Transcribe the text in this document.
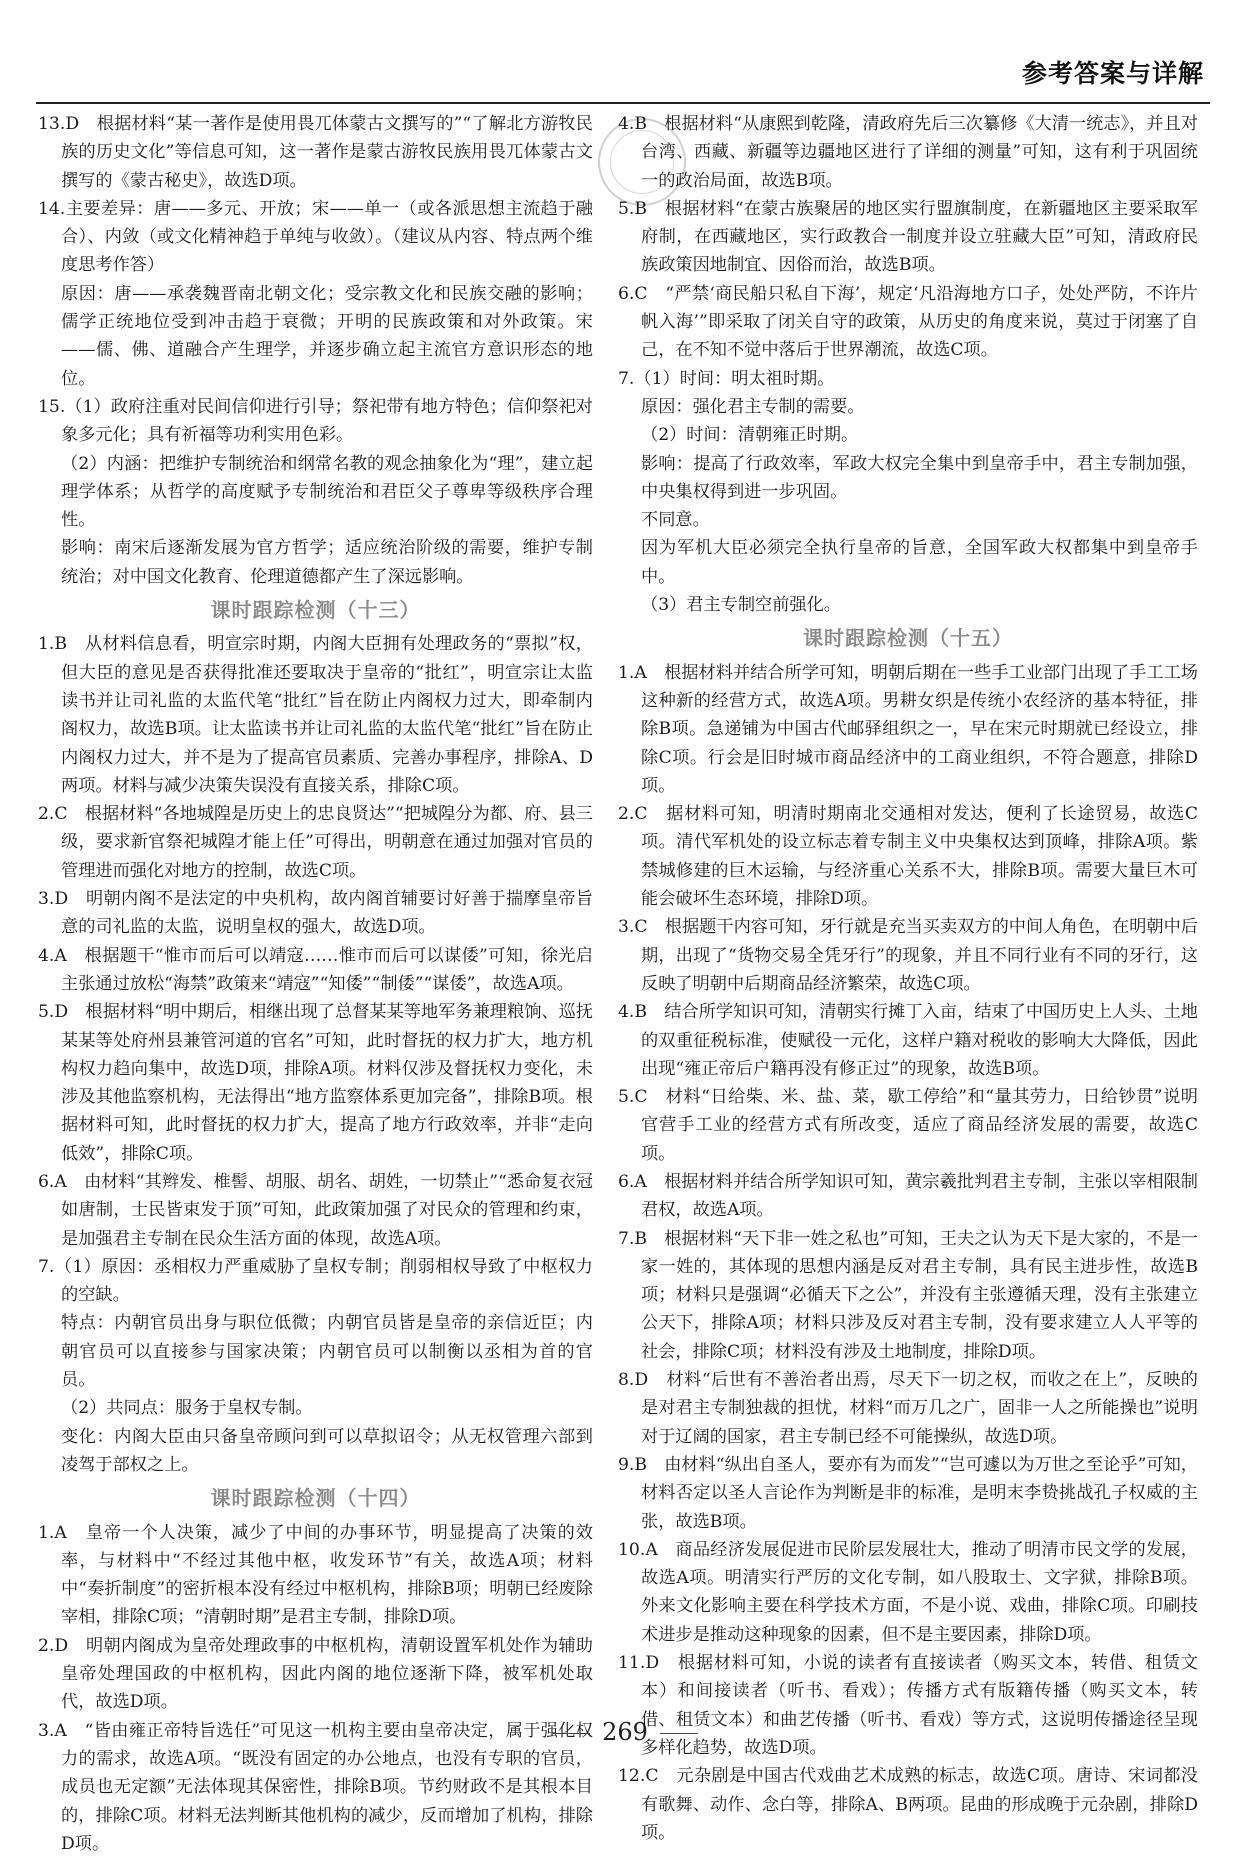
参考答案与详解
13.D　根据材料“某一著作是使用畏兀体蒙古文撰写的”“了解北方游牧民族的历史文化”等信息可知，这一著作是蒙古游牧民族用畏兀体蒙古文撰写的《蒙古秘史》，故选D项。
14.主要差异：唐——多元、开放；宋——单一（或各派思想主流趋于融合）、内敛（或文化精神趋于单纯与收敛）。（建议从内容、特点两个维度思考作答）
原因：唐——承袭魏晋南北朝文化；受宗教文化和民族交融的影响；儒学正统地位受到冲击趋于衰微；开明的民族政策和对外政策。宋——儒、佛、道融合产生理学，并逐步确立起主流官方意识形态的地位。
15.（1）政府注重对民间信仰进行引导；祭祀带有地方特色；信仰祭祀对象多元化；具有祈福等功利实用色彩。
（2）内涵：把维护专制统治和纲常名教的观念抽象化为“理”，建立起理学体系；从哲学的高度赋予专制统治和君臣父子尊卑等级秩序合理性。
影响：南宋后逐渐发展为官方哲学；适应统治阶级的需要，维护专制统治；对中国文化教育、伦理道德都产生了深远影响。
课时跟踪检测（十三）
1.B　从材料信息看，明宣宗时期，内阁大臣拥有处理政务的“票拟”权，但大臣的意见是否获得批准还要取决于皇帝的“批红”，明宣宗让太监读书并让司礼监的太监代笔“批红”旨在防止内阁权力过大，即牵制内阁权力，故选B项。让太监读书并让司礼监的太监代笔“批红”旨在防止内阁权力过大，并不是为了提高官员素质、完善办事程序，排除A、D两项。材料与减少决策失误没有直接关系，排除C项。
2.C　根据材料“各地城隍是历史上的忠良贤达”“把城隍分为都、府、县三级，要求新官祭祀城隍才能上任”可得出，明朝意在通过加强对官员的管理进而强化对地方的控制，故选C项。
3.D　明朝内阁不是法定的中央机构，故内阁首辅要讨好善于揣摩皇帝旨意的司礼监的太监，说明皇权的强大，故选D项。
4.A　根据题干“惟市而后可以靖寇……惟市而后可以谋倭”可知，徐光启主张通过放松“海禁”政策来“靖寇”“知倭”“制倭”“谋倭”，故选A项。
5.D　根据材料“明中期后，相继出现了总督某某等地军务兼理粮饷、巡抚某某等处府州县兼管河道的官名”可知，此时督抚的权力扩大，地方机构权力趋向集中，故选D项，排除A项。材料仅涉及督抚权力变化，未涉及其他监察机构，无法得出“地方监察体系更加完备”，排除B项。根据材料可知，此时督抚的权力扩大，提高了地方行政效率，并非“走向低效”，排除C项。
6.A　由材料“其辫发、椎髻、胡服、胡名、胡姓，一切禁止”“悉命复衣冠如唐制，士民皆束发于顶”可知，此政策加强了对民众的管理和约束，是加强君主专制在民众生活方面的体现，故选A项。
7.（1）原因：丞相权力严重威胁了皇权专制；削弱相权导致了中枢权力的空缺。
特点：内朝官员出身与职位低微；内朝官员皆是皇帝的亲信近臣；内朝官员可以直接参与国家决策；内朝官员可以制衡以丞相为首的官员。
（2）共同点：服务于皇权专制。
变化：内阁大臣由只备皇帝顾问到可以草拟诏令；从无权管理六部到凌驾于部权之上。
课时跟踪检测（十四）
1.A　皇帝一个人决策，减少了中间的办事环节，明显提高了决策的效率，与材料中“不经过其他中枢，收发环节”有关，故选A项；材料中“奏折制度”的密折根本没有经过中枢机构，排除B项；明朝已经废除宰相，排除C项；“清朝时期”是君主专制，排除D项。
2.D　明朝内阁成为皇帝处理政事的中枢机构，清朝设置军机处作为辅助皇帝处理国政的中枢机构，因此内阁的地位逐渐下降，被军机处取代，故选D项。
3.A　“皆由雍正帝特旨选任”可见这一机构主要由皇帝决定，属于强化权力的需求，故选A项。“既没有固定的办公地点，也没有专职的官员，成员也无定额”无法体现其保密性，排除B项。节约财政不是其根本目的，排除C项。材料无法判断其他机构的减少，反而增加了机构，排除D项。
4.B　根据材料“从康熙到乾隆，清政府先后三次纂修《大清一统志》，并且对台湾、西藏、新疆等边疆地区进行了详细的测量”可知，这有利于巩固统一的政治局面，故选B项。
5.B　根据材料“在蒙古族聚居的地区实行盟旗制度，在新疆地区主要采取军府制，在西藏地区，实行政教合一制度并设立驻藏大臣”可知，清政府民族政策因地制宜、因俗而治，故选B项。
6.C　“严禁‘商民船只私自下海’，规定‘凡沿海地方口子，处处严防，不许片帆入海’”即采取了闭关自守的政策，从历史的角度来说，莫过于闭塞了自己，在不知不觉中落后于世界潮流，故选C项。
7.（1）时间：明太祖时期。
原因：强化君主专制的需要。
（2）时间：清朝雍正时期。
影响：提高了行政效率，军政大权完全集中到皇帝手中，君主专制加强，中央集权得到进一步巩固。
不同意。
因为军机大臣必须完全执行皇帝的旨意，全国军政大权都集中到皇帝手中。
（3）君主专制空前强化。
课时跟踪检测（十五）
1.A　根据材料并结合所学可知，明朝后期在一些手工业部门出现了手工工场这种新的经营方式，故选A项。男耕女织是传统小农经济的基本特征，排除B项。急递铺为中国古代邮驿组织之一，早在宋元时期就已经设立，排除C项。行会是旧时城市商品经济中的工商业组织，不符合题意，排除D项。
2.C　据材料可知，明清时期南北交通相对发达，便利了长途贸易，故选C项。清代军机处的设立标志着专制主义中央集权达到顶峰，排除A项。紫禁城修建的巨木运输，与经济重心关系不大，排除B项。需要大量巨木可能会破坏生态环境，排除D项。
3.C　根据题干内容可知，牙行就是充当买卖双方的中间人角色，在明朝中后期，出现了“货物交易全凭牙行”的现象，并且不同行业有不同的牙行，这反映了明朝中后期商品经济繁荣，故选C项。
4.B　结合所学知识可知，清朝实行摊丁入亩，结束了中国历史上人头、土地的双重征税标准，使赋役一元化，这样户籍对税收的影响大大降低，因此出现“雍正帝后户籍再没有修正过”的现象，故选B项。
5.C　材料“日给柴、米、盐、菜，歇工停给”和“量其劳力，日给钞贯”说明官营手工业的经营方式有所改变，适应了商品经济发展的需要，故选C项。
6.A　根据材料并结合所学知识可知，黄宗羲批判君主专制，主张以宰相限制君权，故选A项。
7.B　根据材料“天下非一姓之私也”可知，王夫之认为天下是大家的，不是一家一姓的，其体现的思想内涵是反对君主专制，具有民主进步性，故选B项；材料只是强调“必循天下之公”，并没有主张遵循天理，没有主张建立公天下，排除A项；材料只涉及反对君主专制，没有要求建立人人平等的社会，排除C项；材料没有涉及土地制度，排除D项。
8.D　材料“后世有不善治者出焉，尽天下一切之权，而收之在上”，反映的是对君主专制独裁的担忧，材料“而万几之广，固非一人之所能操也”说明对于辽阔的国家，君主专制已经不可能操纵，故选D项。
9.B　由材料“纵出自圣人，要亦有为而发”“岂可遽以为万世之至论乎”可知，材料否定以圣人言论作为判断是非的标准，是明末李贽挑战孔子权威的主张，故选B项。
10.A　商品经济发展促进市民阶层发展壮大，推动了明清市民文学的发展，故选A项。明清实行严厉的文化专制，如八股取士、文字狱，排除B项。外来文化影响主要在科学技术方面，不是小说、戏曲，排除C项。印刷技术进步是推动这种现象的因素，但不是主要因素，排除D项。
11.D　根据材料可知，小说的读者有直接读者（购买文本，转借、租赁文本）和间接读者（听书、看戏）；传播方式有版籍传播（购买文本，转借、租赁文本）和曲艺传播（听书、看戏）等方式，这说明传播途径呈现多样化趋势，故选D项。
12.C　元杂剧是中国古代戏曲艺术成熟的标志，故选C项。唐诗、宋词都没有歌舞、动作、念白等，排除A、B两项。昆曲的形成晚于元杂剧，排除D项。
269
